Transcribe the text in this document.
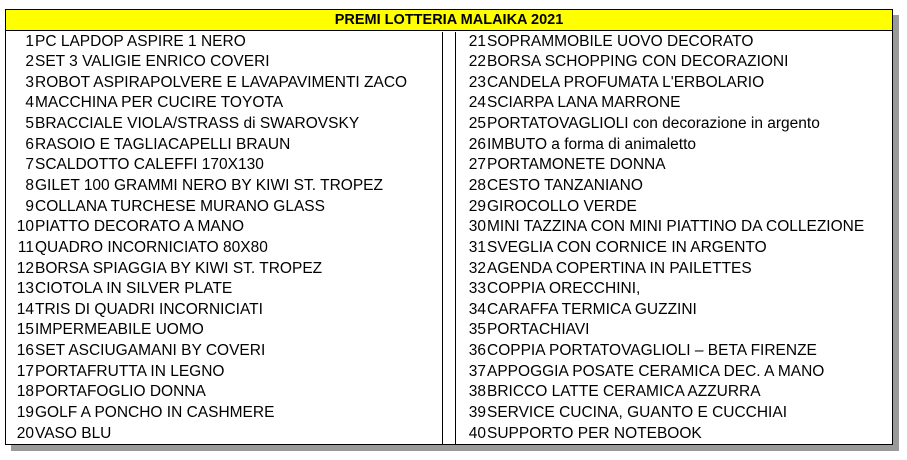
PREMI LOTTERIA MALAIKA 2021
1 PC LAPDOP ASPIRE 1 NERO
2 SET 3 VALIGIE ENRICO COVERI
3 ROBOT ASPIRAPOLVERE E LAVAPAVIMENTI ZACO
4 MACCHINA PER CUCIRE TOYOTA
5 BRACCIALE VIOLA/STRASS di SWAROVSKY
6 RASOIO E TAGLIACAPELLI BRAUN
7 SCALDOTTO CALEFFI 170X130
8 GILET 100 GRAMMI NERO BY KIWI ST. TROPEZ
9 COLLANA TURCHESE MURANO GLASS
10 PIATTO DECORATO A MANO
11 QUADRO INCORNICIATO 80X80
12 BORSA SPIAGGIA BY KIWI ST. TROPEZ
13 CIOTOLA IN SILVER PLATE
14 TRIS DI QUADRI INCORNICIATI
15 IMPERMEABILE UOMO
16 SET ASCIUGAMANI BY COVERI
17 PORTAFRUTTA IN LEGNO
18 PORTAFOGLIO DONNA
19 GOLF A PONCHO IN CASHMERE
20 VASO BLU
21 SOPRAMMOBILE UOVO DECORATO
22 BORSA SCHOPPING CON DECORAZIONI
23 CANDELA PROFUMATA L'ERBOLARIO
24 SCIARPA LANA MARRONE
25 PORTATOVAGLIOLI con decorazione in argento
26 IMBUTO a forma di animaletto
27 PORTAMONETE DONNA
28 CESTO TANZANIANO
29 GIROCOLLO VERDE
30 MINI TAZZINA CON MINI PIATTINO DA COLLEZIONE
31 SVEGLIA CON CORNICE IN ARGENTO
32 AGENDA COPERTINA IN PAILETTES
33 COPPIA ORECCHINI,
34 CARAFFA TERMICA GUZZINI
35 PORTACHIAVI
36 COPPIA PORTATOVAGLIOLI – BETA FIRENZE
37 APPOGGIA POSATE CERAMICA DEC. A MANO
38 BRICCO LATTE CERAMICA AZZURRA
39 SERVICE CUCINA, GUANTO E CUCCHIAI
40 SUPPORTO PER NOTEBOOK
